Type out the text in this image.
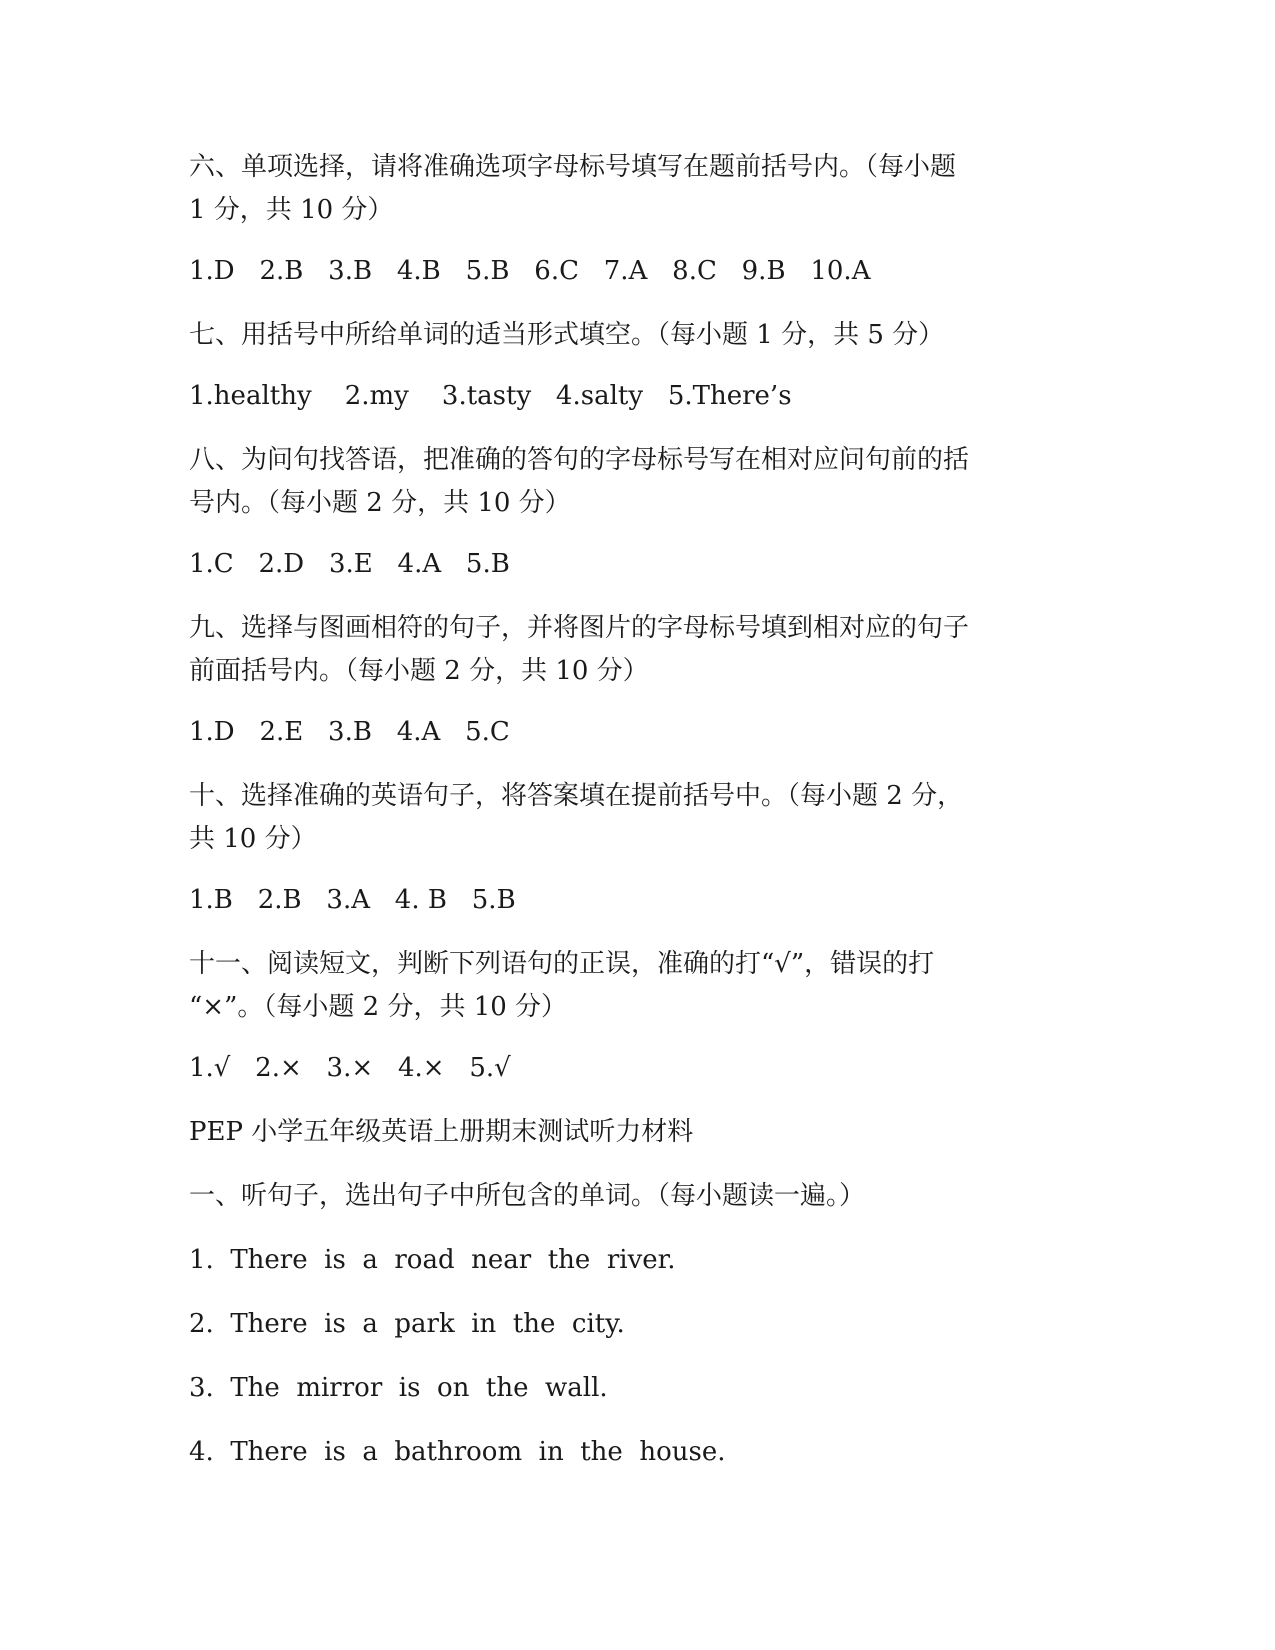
六、单项选择，请将准确选项字母标号填写在题前括号内。（每小题

1 分，共 10 分）

1.D   2.B   3.B   4.B   5.B   6.C   7.A   8.C   9.B   10.A

七、用括号中所给单词的适当形式填空。（每小题 1 分，共 5 分）

1.healthy    2.my    3.tasty   4.salty   5.There’s

八、为问句找答语，把准确的答句的字母标号写在相对应问句前的括

号内。（每小题 2 分，共 10 分）

1.C   2.D   3.E   4.A   5.B

九、选择与图画相符的句子，并将图片的字母标号填到相对应的句子

前面括号内。（每小题 2 分，共 10 分）

1.D   2.E   3.B   4.A   5.C

十、选择准确的英语句子，将答案填在提前括号中。（每小题 2 分，

共 10 分）

1.B   2.B   3.A   4. B   5.B

十一、阅读短文，判断下列语句的正误，准确的打“√”，错误的打

“×”。（每小题 2 分，共 10 分）

1.√   2.×   3.×   4.×   5.√

PEP 小学五年级英语上册期末测试听力材料

一、听句子，选出句子中所包含的单词。（每小题读一遍。）

1.  There  is  a  road  near  the  river.

2.  There  is  a  park  in  the  city.

3.  The  mirror  is  on  the  wall.

4.  There  is  a  bathroom  in  the  house.
